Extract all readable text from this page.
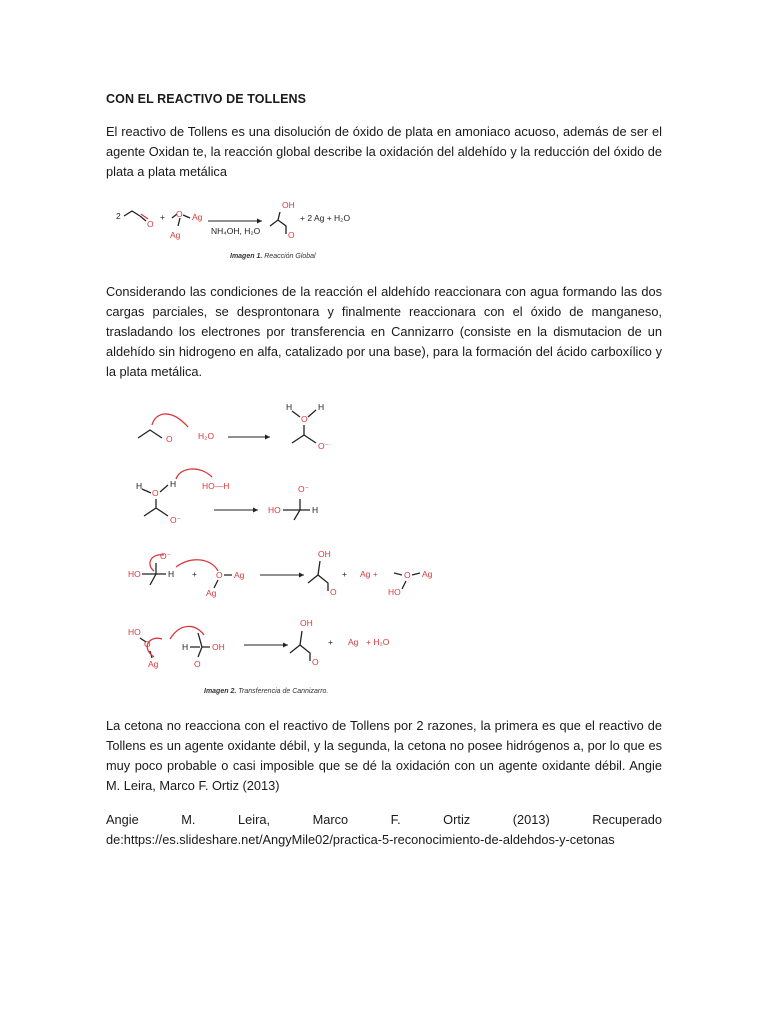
CON EL REACTIVO DE TOLLENS

El reactivo de Tollens es una disolución de óxido de plata en amoniaco acuoso, además de ser el agente Oxidan te, la reacción global describe la oxidación del aldehído y la reducción del óxido de plata a plata metálica

2
O
+ O Ag
Ag	NH₄OH, H₂O
OH
O
+ 2 Ag + H₂O
Imagen 1. Reacción Global

Considerando las condiciones de la reacción el aldehído reaccionara con agua formando las dos cargas parciales, se desprontonara y finalmente reaccionara con el óxido de manganeso, trasladando los electrones por transferencia en Cannizarro (consiste en la dismutacion de un aldehído sin hidrogeno en alfa, catalizado por una base), para la formación del ácido carboxílico y la plata metálica.

O	H₂O
H	H
O
O⁻
H	H
O
O⁻
HO—H
HO
O⁻
H
HO
O⁻
H + O Ag
Ag
OH
O
+ Ag +	O Ag
HO
HO
O
Ag
H
O
OH
OH
O
+ Ag + H₂O
Imagen 2. Transferencia de Cannizarro.

La cetona no reacciona con el reactivo de Tollens por 2 razones, la primera es que el reactivo de Tollens es un agente oxidante débil, y la segunda, la cetona no posee hidrógenos a, por lo que es muy poco probable o casi imposible que se dé la oxidación con un agente oxidante débil. Angie M. Leira, Marco F. Ortiz (2013)

Angie M. Leira, Marco F. Ortiz (2013) Recuperado de:https://es.slideshare.net/AngyMile02/practica-5-reconocimiento-de-aldehdos-y-cetonas
